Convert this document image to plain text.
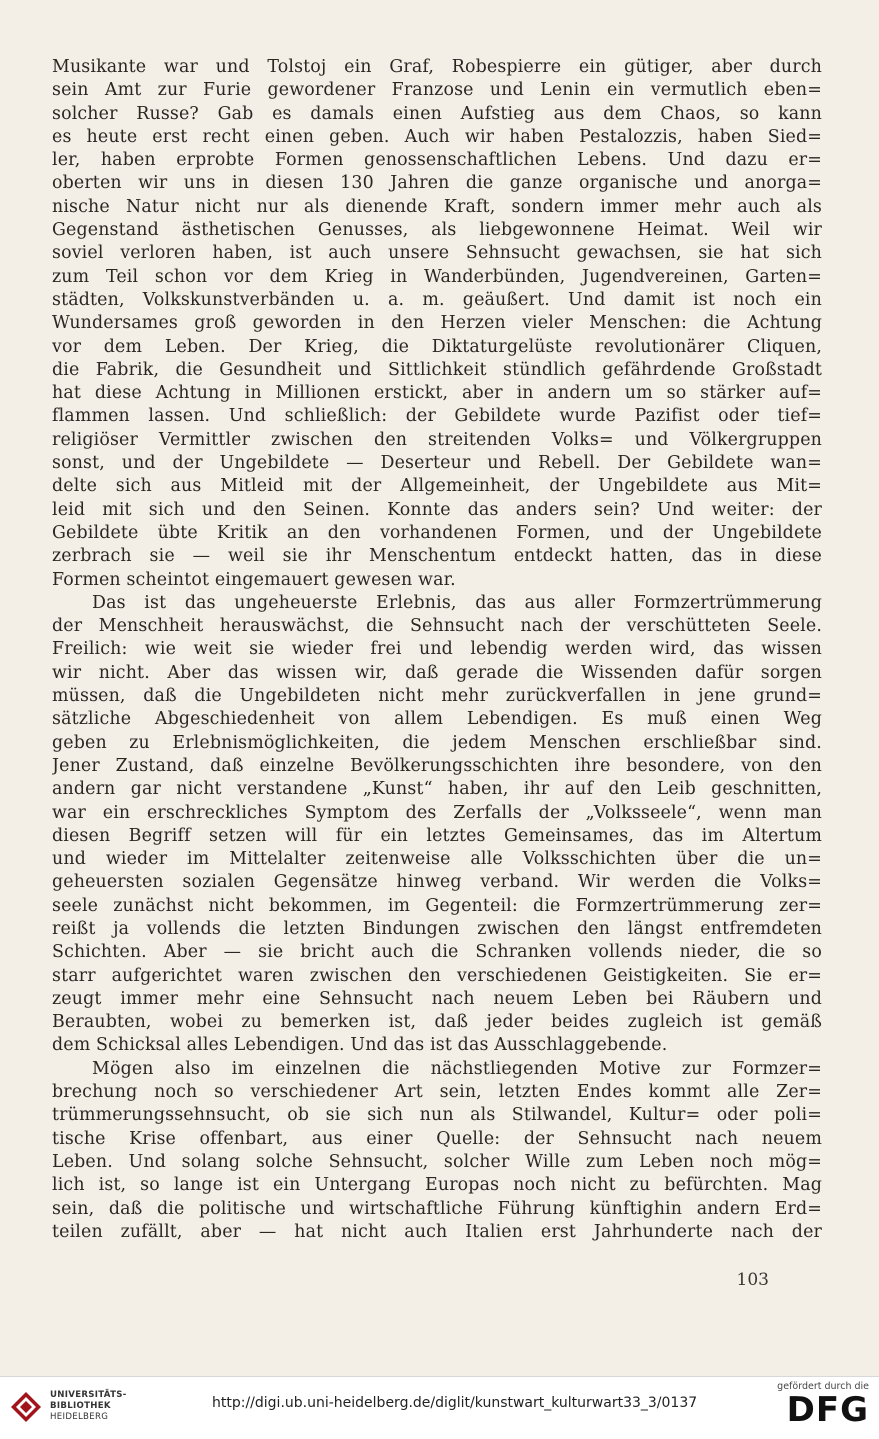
Musikante war und Tolstoj ein Graf, Robespierre ein gütiger, aber durch

sein Amt zur Furie gewordener Franzose und Lenin ein vermutlich eben=

solcher Russe? Gab es damals einen Aufstieg aus dem Chaos, so kann

es heute erst recht einen geben. Auch wir haben Pestalozzis, haben Sied=

ler, haben erprobte Formen genossenschaftlichen Lebens. Und dazu er=

oberten wir uns in diesen 130 Jahren die ganze organische und anorga=

nische Natur nicht nur als dienende Kraft, sondern immer mehr auch als

Gegenstand ästhetischen Genusses, als liebgewonnene Heimat. Weil wir

soviel verloren haben, ist auch unsere Sehnsucht gewachsen, sie hat sich

zum Teil schon vor dem Krieg in Wanderbünden, Jugendvereinen, Garten=

städten, Volkskunstverbänden u. a. m. geäußert. Und damit ist noch ein

Wundersames groß geworden in den Herzen vieler Menschen: die Achtung

vor dem Leben. Der Krieg, die Diktaturgelüste revolutionärer Cliquen,

die Fabrik, die Gesundheit und Sittlichkeit stündlich gefährdende Großstadt

hat diese Achtung in Millionen erstickt, aber in andern um so stärker auf=

flammen lassen. Und schließlich: der Gebildete wurde Pazifist oder tief=

religiöser Vermittler zwischen den streitenden Volks= und Völkergruppen

sonst, und der Ungebildete — Deserteur und Rebell. Der Gebildete wan=

delte sich aus Mitleid mit der Allgemeinheit, der Ungebildete aus Mit=

leid mit sich und den Seinen. Konnte das anders sein? Und weiter: der

Gebildete übte Kritik an den vorhandenen Formen, und der Ungebildete

zerbrach sie — weil sie ihr Menschentum entdeckt hatten, das in diese

Formen scheintot eingemauert gewesen war.

Das ist das ungeheuerste Erlebnis, das aus aller Formzertrümmerung

der Menschheit herauswächst, die Sehnsucht nach der verschütteten Seele.

Freilich: wie weit sie wieder frei und lebendig werden wird, das wissen

wir nicht. Aber das wissen wir, daß gerade die Wissenden dafür sorgen

müssen, daß die Ungebildeten nicht mehr zurückverfallen in jene grund=

sätzliche Abgeschiedenheit von allem Lebendigen. Es muß einen Weg

geben zu Erlebnismöglichkeiten, die jedem Menschen erschließbar sind.

Jener Zustand, daß einzelne Bevölkerungsschichten ihre besondere, von den

andern gar nicht verstandene „Kunst“ haben, ihr auf den Leib geschnitten,

war ein erschreckliches Symptom des Zerfalls der „Volksseele“, wenn man

diesen Begriff setzen will für ein letztes Gemeinsames, das im Altertum

und wieder im Mittelalter zeitenweise alle Volksschichten über die un=

geheuersten sozialen Gegensätze hinweg verband. Wir werden die Volks=

seele zunächst nicht bekommen, im Gegenteil: die Formzertrümmerung zer=

reißt ja vollends die letzten Bindungen zwischen den längst entfremdeten

Schichten. Aber — sie bricht auch die Schranken vollends nieder, die so

starr aufgerichtet waren zwischen den verschiedenen Geistigkeiten. Sie er=

zeugt immer mehr eine Sehnsucht nach neuem Leben bei Räubern und

Beraubten, wobei zu bemerken ist, daß jeder beides zugleich ist gemäß

dem Schicksal alles Lebendigen. Und das ist das Ausschlaggebende.

Mögen also im einzelnen die nächstliegenden Motive zur Formzer=

brechung noch so verschiedener Art sein, letzten Endes kommt alle Zer=

trümmerungssehnsucht, ob sie sich nun als Stilwandel, Kultur= oder poli=

tische Krise offenbart, aus einer Quelle: der Sehnsucht nach neuem

Leben. Und solang solche Sehnsucht, solcher Wille zum Leben noch mög=

lich ist, so lange ist ein Untergang Europas noch nicht zu befürchten. Mag

sein, daß die politische und wirtschaftliche Führung künftighin andern Erd=

teilen zufällt, aber — hat nicht auch Italien erst Jahrhunderte nach der

103
UNIVERSITÄTS-
BIBLIOTHEK
HEIDELBERG
http://digi.ub.uni-heidelberg.de/diglit/kunstwart_kulturwart33_3/0137
gefördert durch die
DFG
